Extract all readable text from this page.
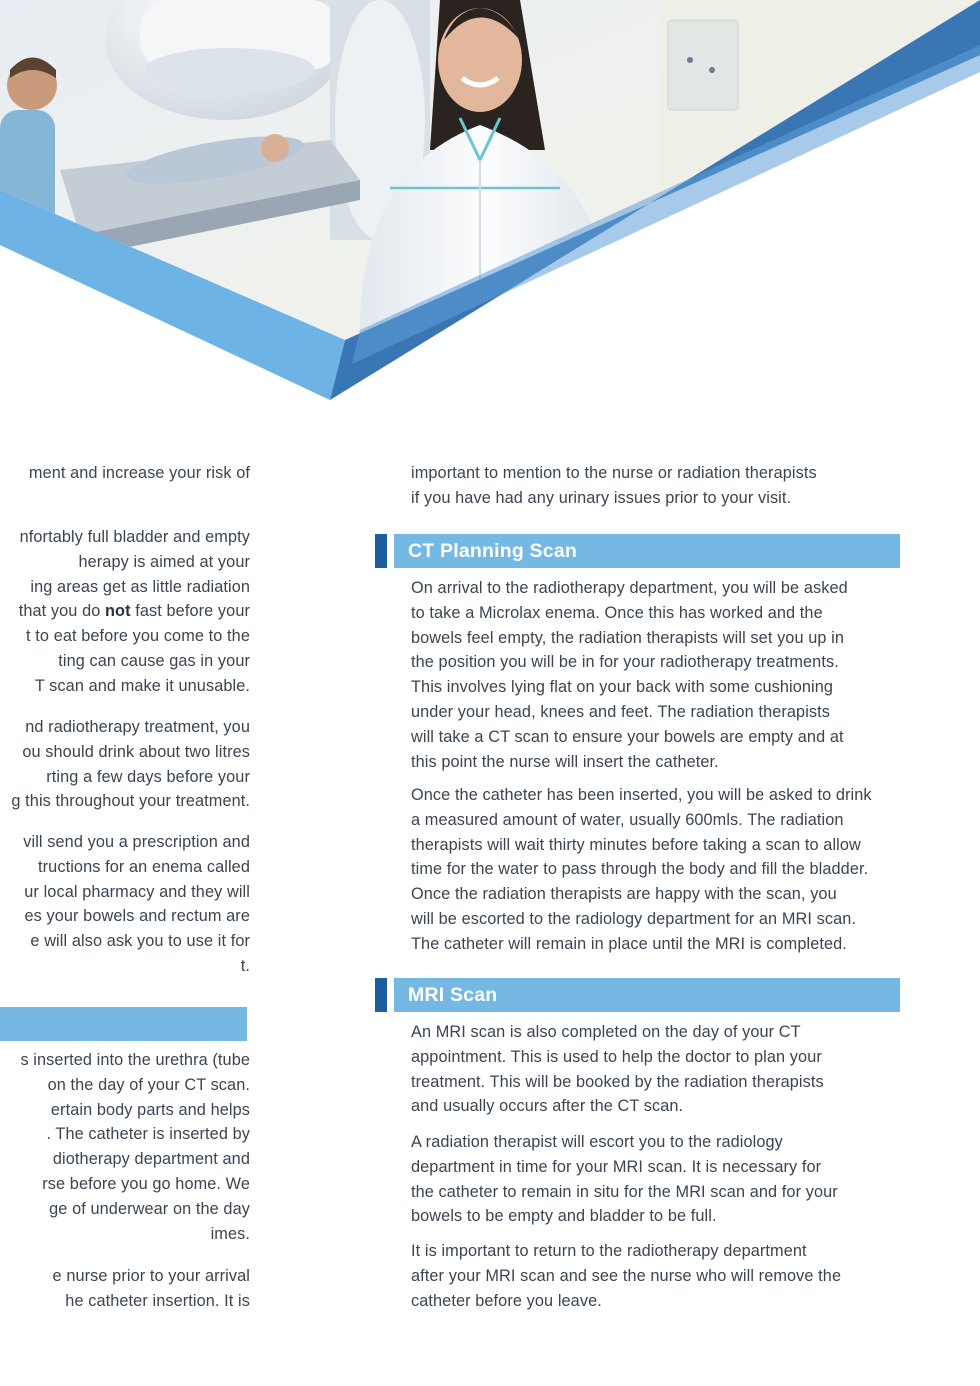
ment and increase your risk of

nfortably full bladder and empty
herapy is aimed at your
ing areas get as little radiation
that you do not fast before your
t to eat before you come to the
ting can cause gas in your
T scan and make it unusable.

nd radiotherapy treatment, you
ou should drink about two litres
rting a few days before your
g this throughout your treatment.

vill send you a prescription and
tructions for an enema called
ur local pharmacy and they will
es your bowels and rectum are
e will also ask you to use it for
t.

s inserted into the urethra (tube
on the day of your CT scan.
ertain body parts and helps
. The catheter is inserted by
diotherapy department and
rse before you go home. We
ge of underwear on the day
imes.

e nurse prior to your arrival
he catheter insertion. It is

important to mention to the nurse or radiation therapists
if you have had any urinary issues prior to your visit.

CT Planning Scan

On arrival to the radiotherapy department, you will be asked
to take a Microlax enema. Once this has worked and the
bowels feel empty, the radiation therapists will set you up in
the position you will be in for your radiotherapy treatments.
This involves lying flat on your back with some cushioning
under your head, knees and feet. The radiation therapists
will take a CT scan to ensure your bowels are empty and at
this point the nurse will insert the catheter.

Once the catheter has been inserted, you will be asked to drink
a measured amount of water, usually 600mls. The radiation
therapists will wait thirty minutes before taking a scan to allow
time for the water to pass through the body and fill the bladder.
Once the radiation therapists are happy with the scan, you
will be escorted to the radiology department for an MRI scan.
The catheter will remain in place until the MRI is completed.

MRI Scan

An MRI scan is also completed on the day of your CT
appointment. This is used to help the doctor to plan your
treatment. This will be booked by the radiation therapists
and usually occurs after the CT scan.

A radiation therapist will escort you to the radiology
department in time for your MRI scan. It is necessary for
the catheter to remain in situ for the MRI scan and for your
bowels to be empty and bladder to be full.

It is important to return to the radiotherapy department
after your MRI scan and see the nurse who will remove the
catheter before you leave.
